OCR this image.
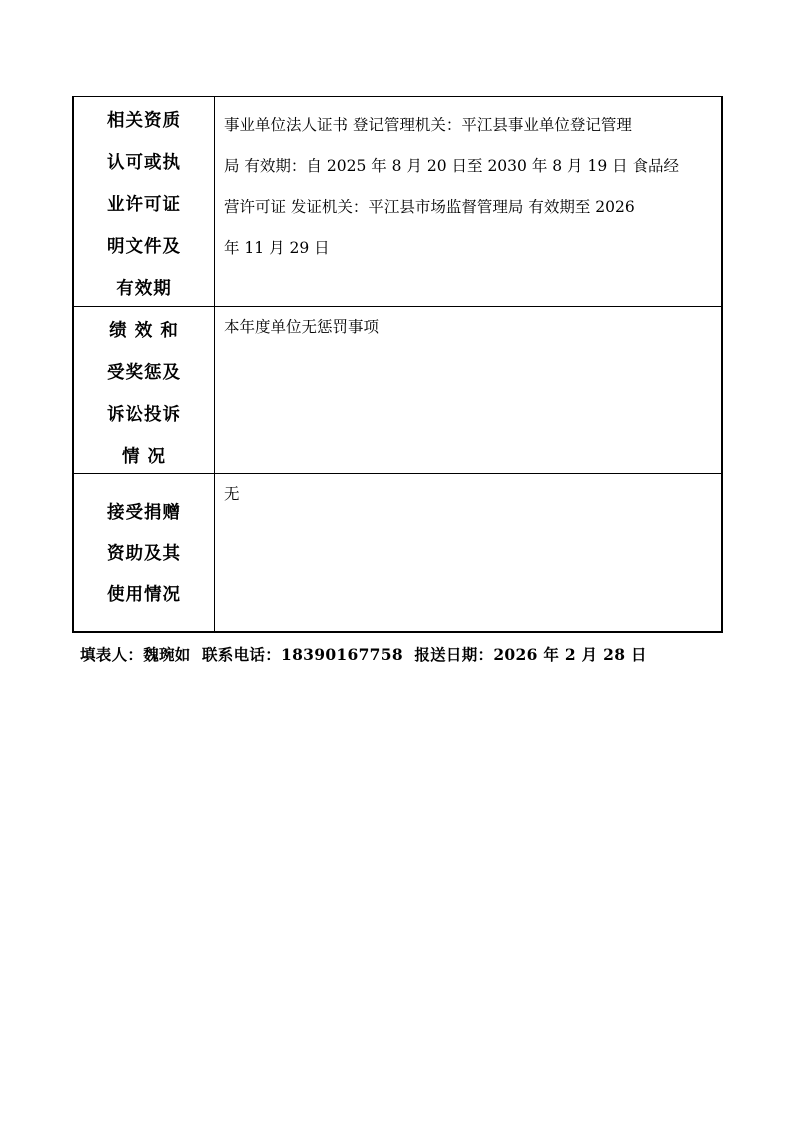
相关资质
认可或执
业许可证
明文件及
有效期
事业单位法人证书 登记管理机关：平江县事业单位登记管理
局 有效期：自 2025 年 8 月 20 日至 2030 年 8 月 19 日 食品经
营许可证 发证机关：平江县市场监督管理局 有效期至 2026
年 11 月 29 日
绩 效 和
受奖惩及
诉讼投诉
情 况
本年度单位无惩罚事项
接受捐赠
资助及其
使用情况
无
填表人：魏琬如  联系电话：18390167758  报送日期：2026 年 2 月 28 日
